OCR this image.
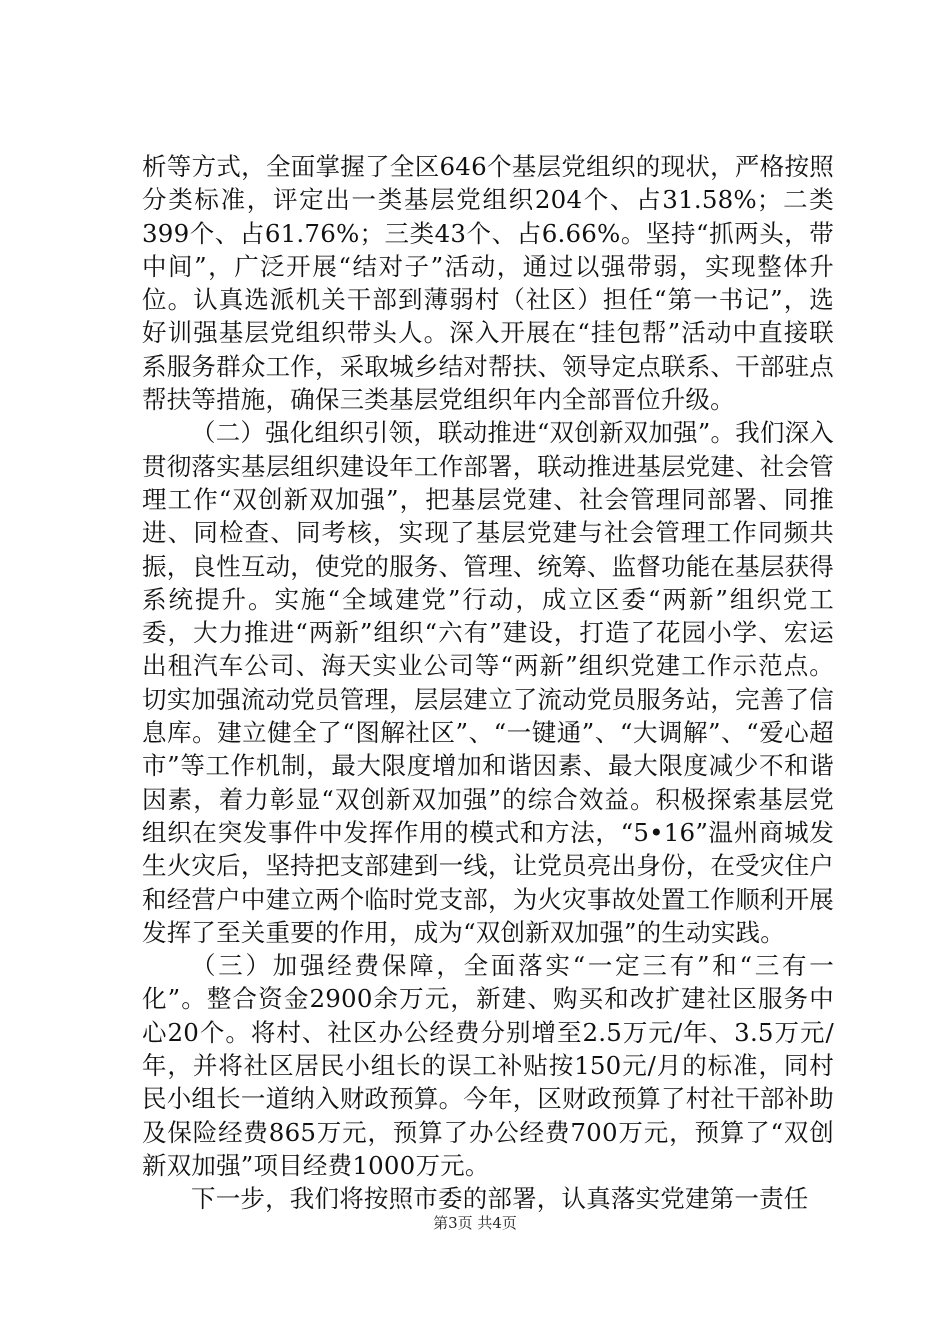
析等方式，全面掌握了全区646个基层党组织的现状，严格按照分类标准，评定出一类基层党组织204个、占31.58%；二类399个、占61.76%；三类43个、占6.66%。坚持“抓两头，带中间”，广泛开展“结对子”活动，通过以强带弱，实现整体升位。认真选派机关干部到薄弱村（社区）担任“第一书记”，选好训强基层党组织带头人。深入开展在“挂包帮”活动中直接联系服务群众工作，采取城乡结对帮扶、领导定点联系、干部驻点帮扶等措施，确保三类基层党组织年内全部晋位升级。

（二）强化组织引领，联动推进“双创新双加强”。我们深入贯彻落实基层组织建设年工作部署，联动推进基层党建、社会管理工作“双创新双加强”，把基层党建、社会管理同部署、同推进、同检查、同考核，实现了基层党建与社会管理工作同频共振，良性互动，使党的服务、管理、统筹、监督功能在基层获得系统提升。实施“全域建党”行动，成立区委“两新”组织党工委，大力推进“两新”组织“六有”建设，打造了花园小学、宏运出租汽车公司、海天实业公司等“两新”组织党建工作示范点。切实加强流动党员管理，层层建立了流动党员服务站，完善了信息库。建立健全了“图解社区”、“一键通”、“大调解”、“爱心超市”等工作机制，最大限度增加和谐因素、最大限度减少不和谐因素，着力彰显“双创新双加强”的综合效益。积极探索基层党组织在突发事件中发挥作用的模式和方法，“5•16”温州商城发生火灾后，坚持把支部建到一线，让党员亮出身份，在受灾住户和经营户中建立两个临时党支部，为火灾事故处置工作顺利开展发挥了至关重要的作用，成为“双创新双加强”的生动实践。

（三）加强经费保障，全面落实“一定三有”和“三有一化”。整合资金2900余万元，新建、购买和改扩建社区服务中心20个。将村、社区办公经费分别增至2.5万元/年、3.5万元/年，并将社区居民小组长的误工补贴按150元/月的标准，同村民小组长一道纳入财政预算。今年，区财政预算了村社干部补助及保险经费865万元，预算了办公经费700万元，预算了“双创新双加强”项目经费1000万元。

下一步，我们将按照市委的部署，认真落实党建第一责任

第3页 共4页
